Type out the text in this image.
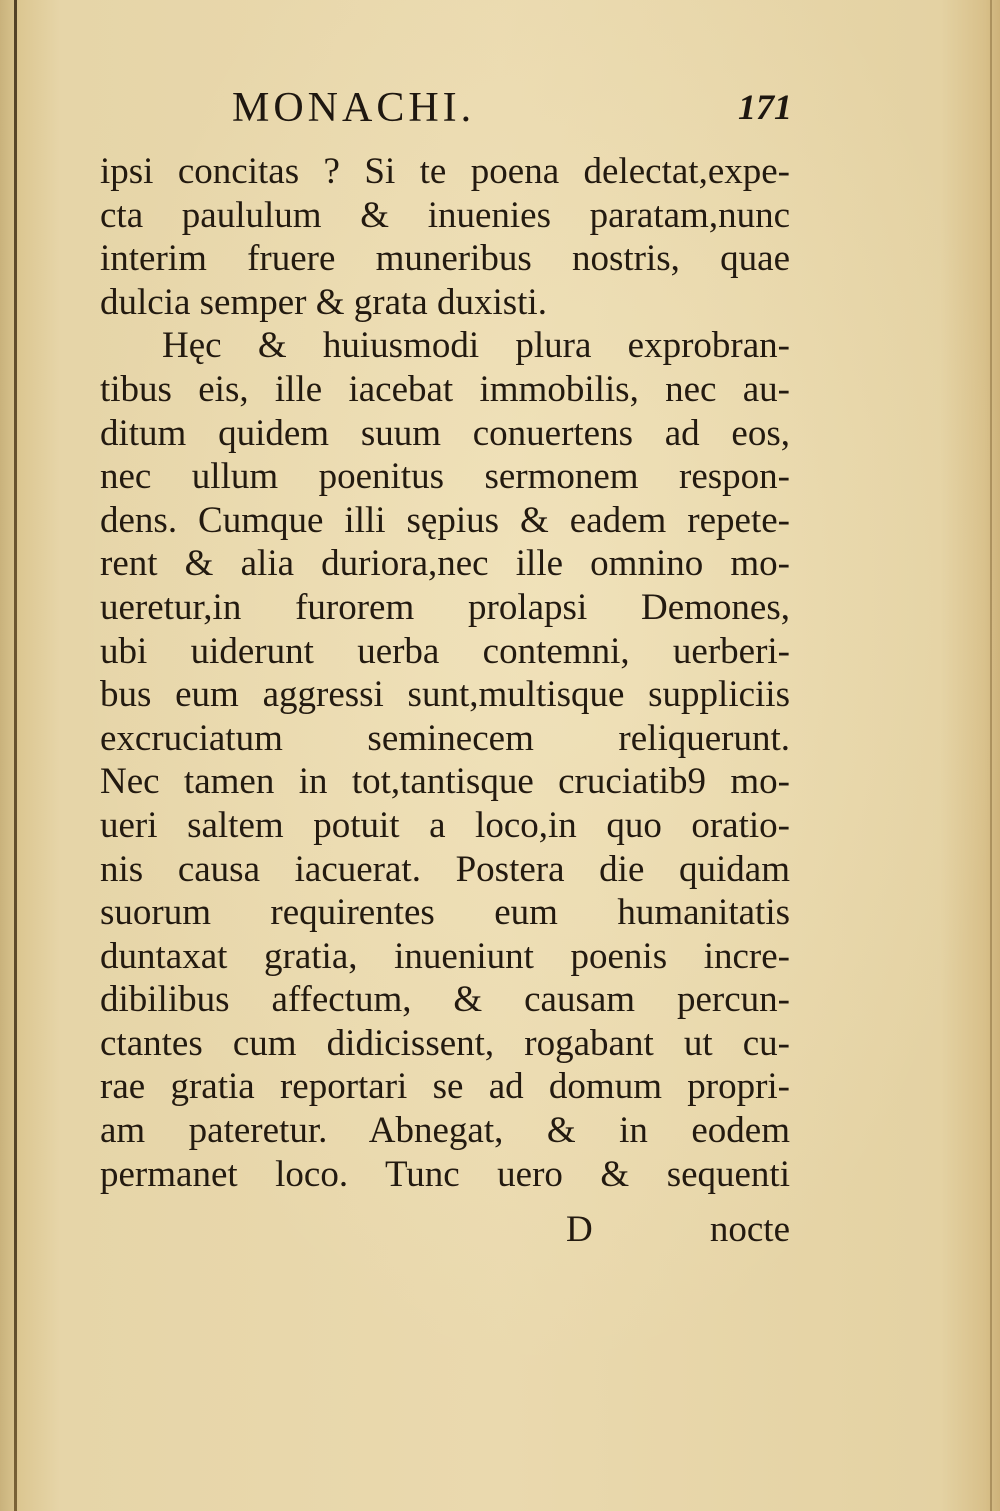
MONACHI.	171
ipsi concitas ? Si te poena delectat,expe-
cta paululum & inuenies paratam,nunc
interim fruere muneribus nostris, quae
dulcia semper & grata duxisti.
Hęc & huiusmodi plura exprobran-
tibus eis, ille iacebat immobilis, nec au-
ditum quidem suum conuertens ad eos,
nec ullum poenitus sermonem respon-
dens. Cumque illi sępius & eadem repete-
rent & alia duriora,nec ille omnino mo-
ueretur,in furorem prolapsi Demones,
ubi uiderunt uerba contemni, uerberi-
bus eum aggressi sunt,multisque suppliciis
excruciatum seminecem reliquerunt.
Nec tamen in tot,tantisque cruciatib9 mo-
ueri saltem potuit a loco,in quo oratio-
nis causa iacuerat. Postera die quidam
suorum requirentes eum humanitatis
duntaxat gratia, inueniunt poenis incre-
dibilibus affectum, & causam percun-
ctantes cum didicissent, rogabant ut cu-
rae gratia reportari se ad domum propri-
am pateretur. Abnegat, & in eodem
permanet loco. Tunc uero & sequenti
D	nocte
